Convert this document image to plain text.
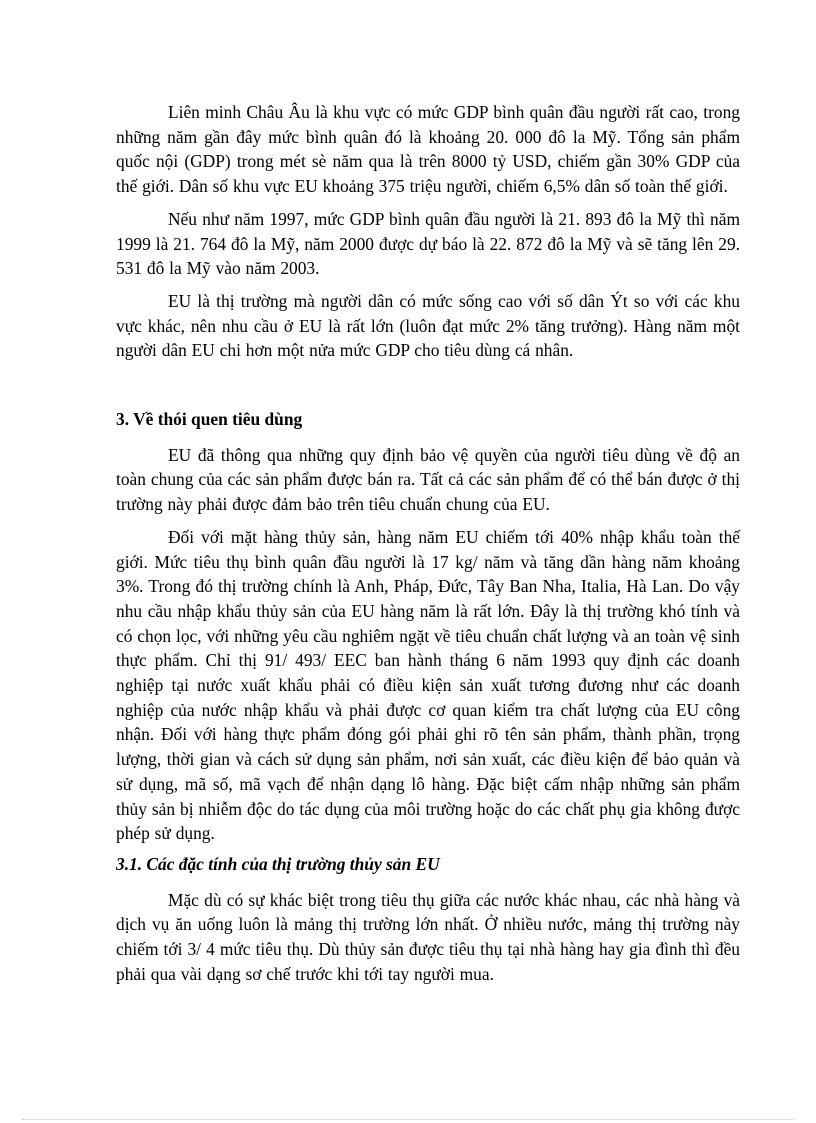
Liên minh Châu Âu là khu vực có mức GDP bình quân đầu người rất cao, trong những năm gần đây mức bình quân đó là khoảng 20. 000 đô la Mỹ. Tổng sản phẩm quốc nội (GDP) trong mét sè năm qua là trên 8000 tỷ USD, chiếm gần 30% GDP của thế giới. Dân số khu vực EU khoảng 375 triệu người, chiếm 6,5% dân số toàn thế giới.

Nếu như năm 1997, mức GDP bình quân đầu người là 21. 893 đô la Mỹ thì năm 1999 là 21. 764 đô la Mỹ, năm 2000 được dự báo là 22. 872 đô la Mỹ và sẽ tăng lên 29. 531 đô la Mỹ vào năm 2003.

EU là thị trường mà người dân có mức sống cao với số dân Ýt so với các khu vực khác, nên nhu cầu ở EU là rất lớn (luôn đạt mức 2% tăng trưởng). Hàng năm một người dân EU chi hơn một nửa mức GDP cho tiêu dùng cá nhân.

3. Về thói quen tiêu dùng

EU đã thông qua những quy định bảo vệ quyền của người tiêu dùng về độ an toàn chung của các sản phẩm được bán ra. Tất cả các sản phẩm để có thể bán được ở thị trường này phải được đảm bảo trên tiêu chuẩn chung của EU.

Đối với mặt hàng thủy sản, hàng năm EU chiếm tới 40% nhập khẩu toàn thế giới. Mức tiêu thụ bình quân đầu người là 17 kg/ năm và tăng dần hàng năm khoảng 3%. Trong đó thị trường chính là Anh, Pháp, Đức, Tây Ban Nha, Italia, Hà Lan. Do vậy nhu cầu nhập khẩu thủy sản của EU hàng năm là rất lớn. Đây là thị trường khó tính và có chọn lọc, với những yêu cầu nghiêm ngặt về tiêu chuẩn chất lượng và an toàn vệ sinh thực phẩm. Chỉ thị 91/ 493/ EEC ban hành tháng 6 năm 1993 quy định các doanh nghiệp tại nước xuất khẩu phải có điều kiện sản xuất tương đương như các doanh nghiệp của nước nhập khẩu và phải được cơ quan kiểm tra chất lượng của EU công nhận. Đối với hàng thực phẩm đóng gói phải ghi rõ tên sản phẩm, thành phần, trọng lượng, thời gian và cách sử dụng sản phẩm, nơi sản xuất, các điều kiện để bảo quản và sử dụng, mã số, mã vạch để nhận dạng lô hàng. Đặc biệt cấm nhập những sản phẩm thủy sản bị nhiễm độc do tác dụng của môi trường hoặc do các chất phụ gia không được phép sử dụng.

3.1. Các đặc tính của thị trường thủy sản EU

Mặc dù có sự khác biệt trong tiêu thụ giữa các nước khác nhau, các nhà hàng và dịch vụ ăn uống luôn là mảng thị trường lớn nhất. Ở nhiều nước, mảng thị trường này chiếm tới 3/ 4 mức tiêu thụ. Dù thủy sản được tiêu thụ tại nhà hàng hay gia đình thì đều phải qua vài dạng sơ chế trước khi tới tay người mua.
